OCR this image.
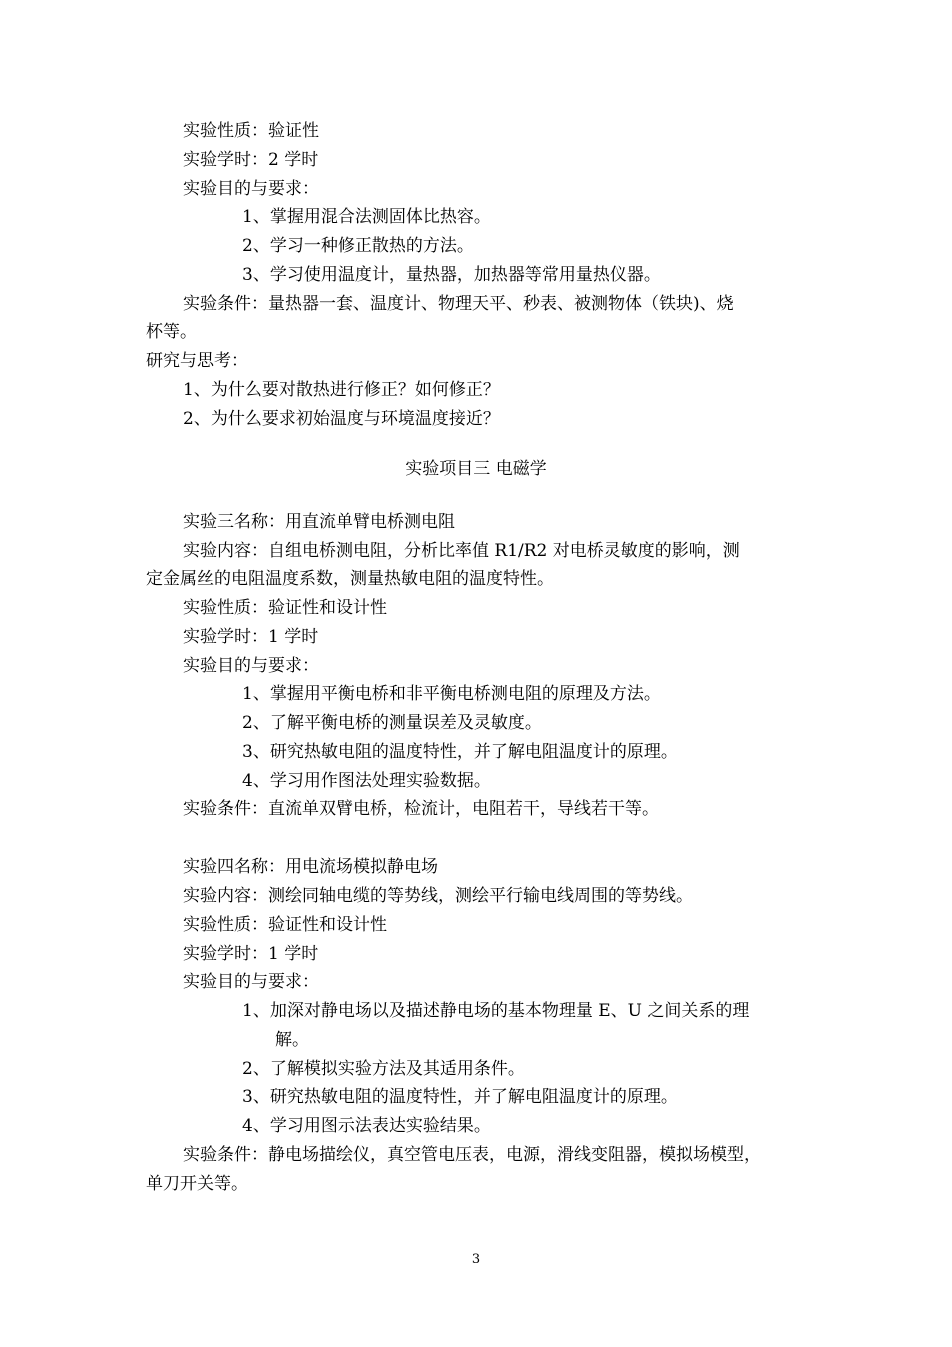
实验性质：验证性
实验学时：2 学时
实验目的与要求：
1、掌握用混合法测固体比热容。
2、学习一种修正散热的方法。
3、学习使用温度计，量热器，加热器等常用量热仪器。
实验条件：量热器一套、温度计、物理天平、秒表、被测物体（铁块)、烧
杯等。
研究与思考：
1、为什么要对散热进行修正？如何修正？
2、为什么要求初始温度与环境温度接近？
实验项目三 电磁学
实验三名称：用直流单臂电桥测电阻
实验内容：自组电桥测电阻，分析比率值 R1/R2 对电桥灵敏度的影响，测
定金属丝的电阻温度系数，测量热敏电阻的温度特性。
实验性质：验证性和设计性
实验学时：1 学时
实验目的与要求：
1、掌握用平衡电桥和非平衡电桥测电阻的原理及方法。
2、了解平衡电桥的测量误差及灵敏度。
3、研究热敏电阻的温度特性，并了解电阻温度计的原理。
4、学习用作图法处理实验数据。
实验条件：直流单双臂电桥，检流计，电阻若干，导线若干等。
实验四名称：用电流场模拟静电场
实验内容：测绘同轴电缆的等势线，测绘平行输电线周围的等势线。
实验性质：验证性和设计性
实验学时：1 学时
实验目的与要求：
1、加深对静电场以及描述静电场的基本物理量 E、U 之间关系的理
解。
2、了解模拟实验方法及其适用条件。
3、研究热敏电阻的温度特性，并了解电阻温度计的原理。
4、学习用图示法表达实验结果。
实验条件：静电场描绘仪，真空管电压表，电源，滑线变阻器，模拟场模型，
单刀开关等。
3
